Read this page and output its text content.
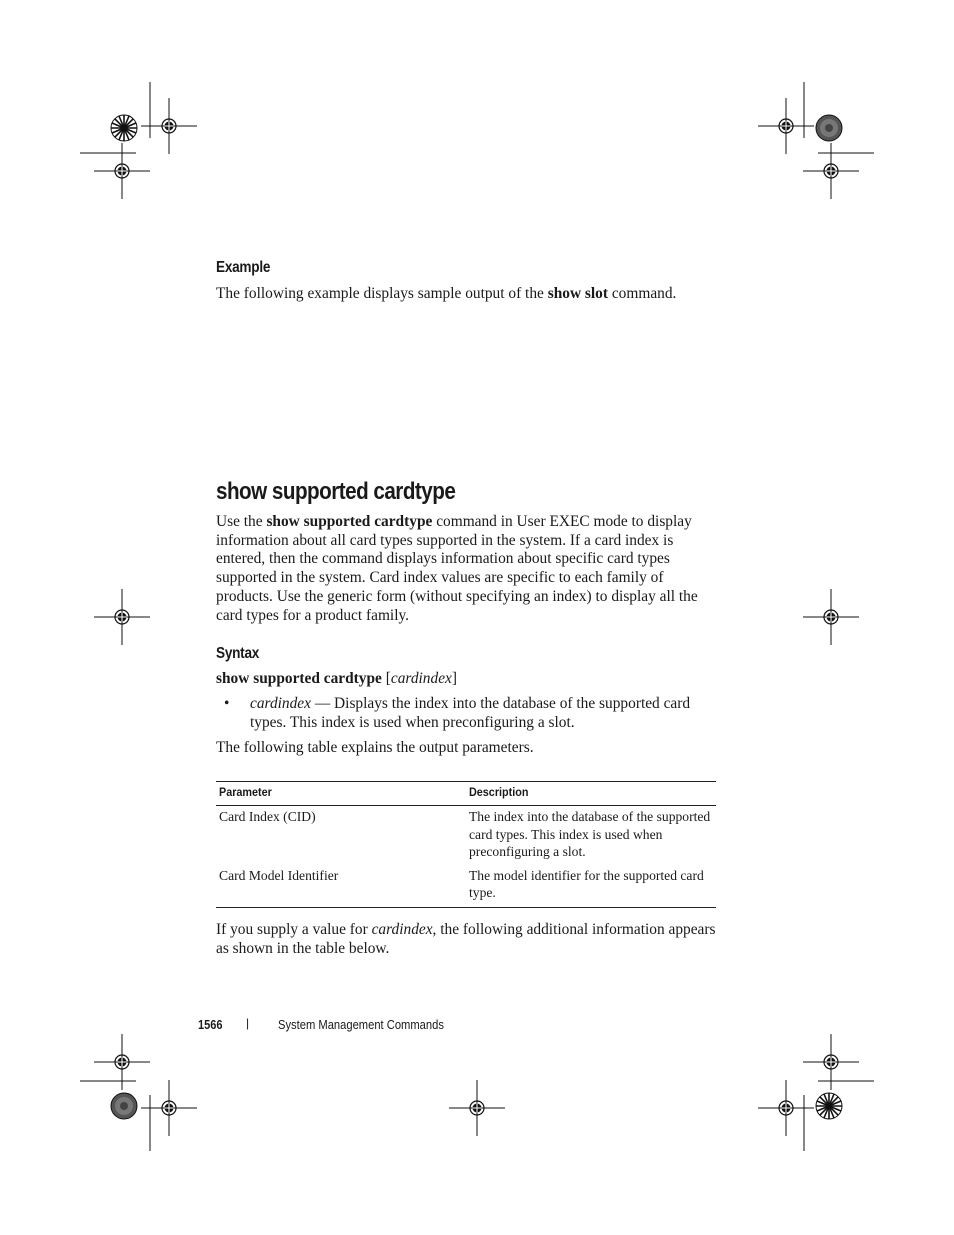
Example

The following example displays sample output of the show slot command.

show supported cardtype

Use the show supported cardtype command in User EXEC mode to display information about all card types supported in the system. If a card index is entered, then the command displays information about specific card types supported in the system. Card index values are specific to each family of products. Use the generic form (without specifying an index) to display all the card types for a product family.

Syntax

show supported cardtype [cardindex]

• cardindex — Displays the index into the database of the supported card types. This index is used when preconfiguring a slot.

The following table explains the output parameters.

Parameter	Description
Card Index (CID)	The index into the database of the supported card types. This index is used when preconfiguring a slot.
Card Model Identifier	The model identifier for the supported card type.

If you supply a value for cardindex, the following additional information appears as shown in the table below.

1566	| System Management Commands
